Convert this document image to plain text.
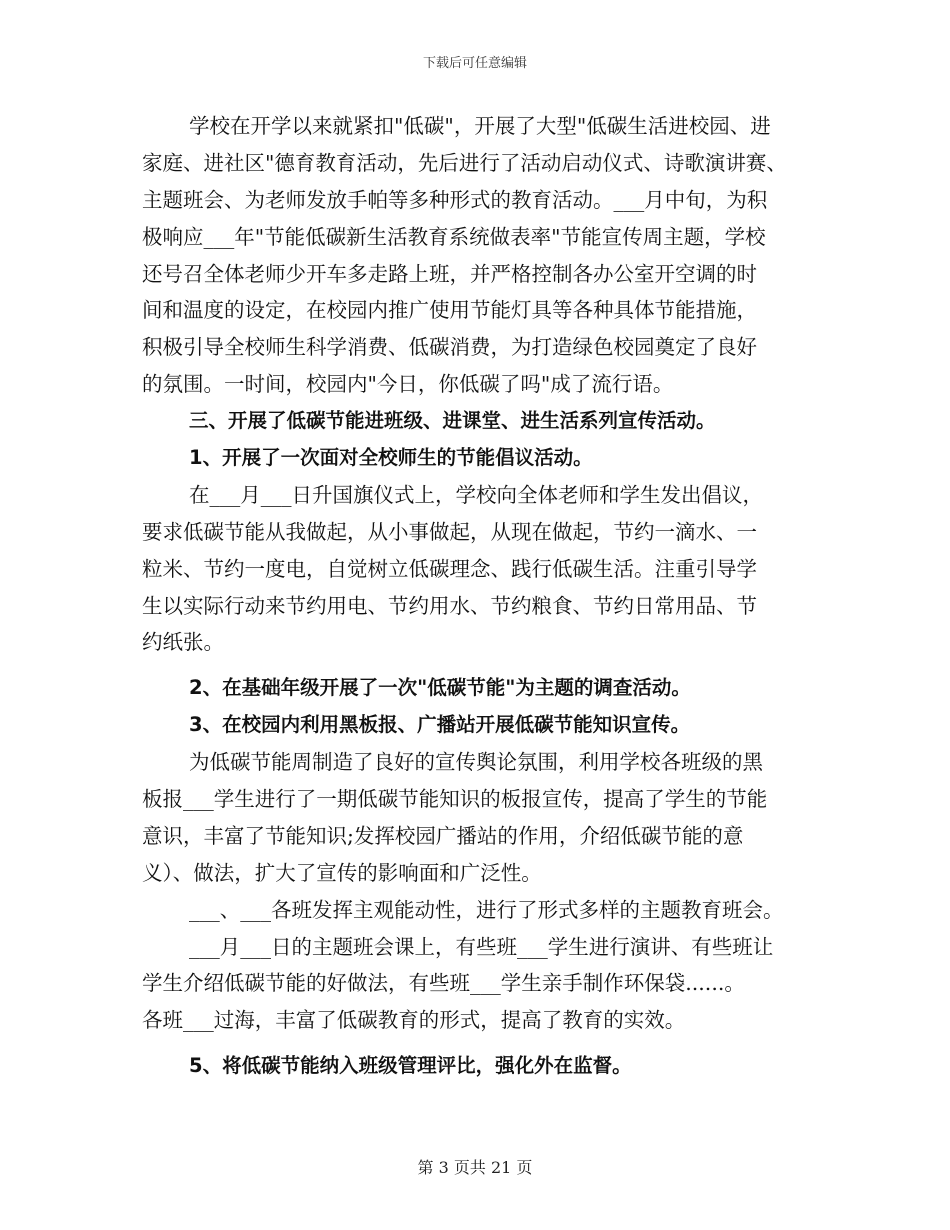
下载后可任意编辑
学校在开学以来就紧扣"低碳"，开展了大型"低碳生活进校园、进
家庭、进社区"德育教育活动，先后进行了活动启动仪式、诗歌演讲赛、
主题班会、为老师发放手帕等多种形式的教育活动。___月中旬，为积
极响应___年"节能低碳新生活教育系统做表率"节能宣传周主题，学校
还号召全体老师少开车多走路上班，并严格控制各办公室开空调的时
间和温度的设定，在校园内推广使用节能灯具等各种具体节能措施，
积极引导全校师生科学消费、低碳消费，为打造绿色校园奠定了良好
的氛围。一时间，校园内"今日，你低碳了吗"成了流行语。
三、开展了低碳节能进班级、进课堂、进生活系列宣传活动。
1、开展了一次面对全校师生的节能倡议活动。
在___月___日升国旗仪式上，学校向全体老师和学生发出倡议，
要求低碳节能从我做起，从小事做起，从现在做起，节约一滴水、一
粒米、节约一度电，自觉树立低碳理念、践行低碳生活。注重引导学
生以实际行动来节约用电、节约用水、节约粮食、节约日常用品、节
约纸张。
2、在基础年级开展了一次"低碳节能"为主题的调查活动。
3、在校园内利用黑板报、广播站开展低碳节能知识宣传。
为低碳节能周制造了良好的宣传舆论氛围，利用学校各班级的黑
板报___学生进行了一期低碳节能知识的板报宣传，提高了学生的节能
意识，丰富了节能知识;发挥校园广播站的作用，介绍低碳节能的意
义）、做法，扩大了宣传的影响面和广泛性。
___、___各班发挥主观能动性，进行了形式多样的主题教育班会。
___月___日的主题班会课上，有些班___学生进行演讲、有些班让
学生介绍低碳节能的好做法，有些班___学生亲手制作环保袋......。
各班___过海，丰富了低碳教育的形式，提高了教育的实效。
5、将低碳节能纳入班级管理评比，强化外在监督。
第 3 页共 21 页
